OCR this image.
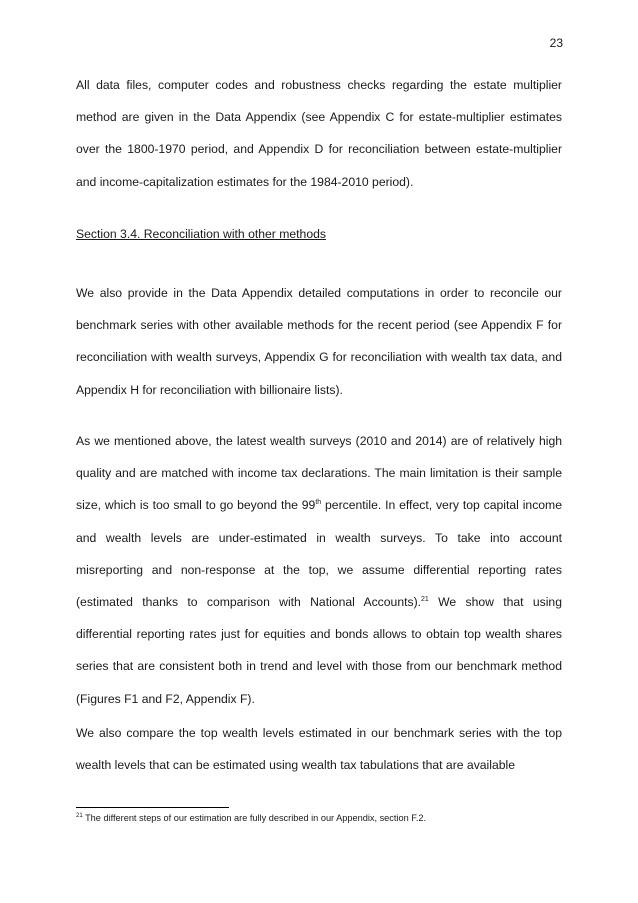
23
All data files, computer codes and robustness checks regarding the estate multiplier method are given in the Data Appendix (see Appendix C for estate-multiplier estimates over the 1800-1970 period, and Appendix D for reconciliation between estate-multiplier and income-capitalization estimates for the 1984-2010 period).
Section 3.4. Reconciliation with other methods
We also provide in the Data Appendix detailed computations in order to reconcile our benchmark series with other available methods for the recent period (see Appendix F for reconciliation with wealth surveys, Appendix G for reconciliation with wealth tax data, and Appendix H for reconciliation with billionaire lists).
As we mentioned above, the latest wealth surveys (2010 and 2014) are of relatively high quality and are matched with income tax declarations. The main limitation is their sample size, which is too small to go beyond the 99th percentile. In effect, very top capital income and wealth levels are under-estimated in wealth surveys. To take into account misreporting and non-response at the top, we assume differential reporting rates (estimated thanks to comparison with National Accounts).$^{21}$ We show that using differential reporting rates just for equities and bonds allows to obtain top wealth shares series that are consistent both in trend and level with those from our benchmark method (Figures F1 and F2, Appendix F).
We also compare the top wealth levels estimated in our benchmark series with the top wealth levels that can be estimated using wealth tax tabulations that are available
$^{21}$ The different steps of our estimation are fully described in our Appendix, section F.2.
